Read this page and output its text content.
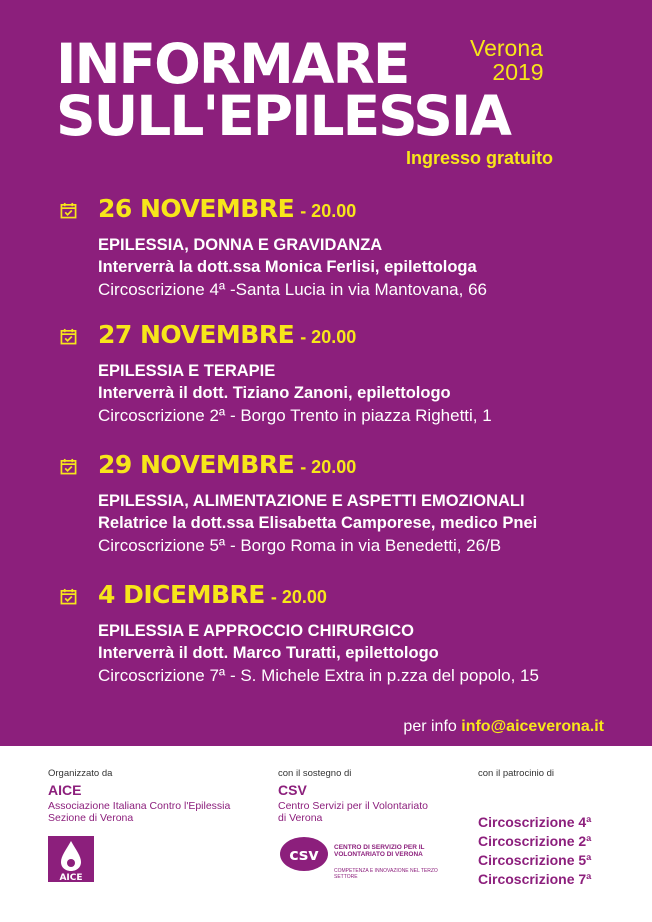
INFORMARE
SULL'EPILESSIA
Verona
2019
Ingresso gratuito
26 NOVEMBRE - 20.00
EPILESSIA, DONNA E GRAVIDANZA
Interverrà la dott.ssa Monica Ferlisi, epilettologa
Circoscrizione 4ª -Santa Lucia in via Mantovana, 66
27 NOVEMBRE - 20.00
EPILESSIA E TERAPIE
Interverrà il dott. Tiziano Zanoni, epilettologo
Circoscrizione 2ª - Borgo Trento in piazza Righetti, 1
29 NOVEMBRE - 20.00
EPILESSIA, ALIMENTAZIONE E ASPETTI EMOZIONALI
Relatrice la dott.ssa Elisabetta Camporese, medico Pnei
Circoscrizione 5ª - Borgo Roma in via Benedetti, 26/B
4 DICEMBRE - 20.00
EPILESSIA E APPROCCIO CHIRURGICO
Interverrà il dott. Marco Turatti, epilettologo
Circoscrizione 7ª - S. Michele Extra in p.zza del popolo, 15
per info info@aiceverona.it
Organizzato da
AICE
Associazione Italiana Contro l'Epilessia
Sezione di Verona
AICE
con il sostegno di
CSV
Centro Servizi per il Volontariato
di Verona
csv CENTRO DI SERVIZIO PER IL VOLONTARIATO DI VERONA
COMPETENZA E INNOVAZIONE NEL TERZO SETTORE
con il patrocinio di
Circoscrizione 4ª
Circoscrizione 2ª
Circoscrizione 5ª
Circoscrizione 7ª
